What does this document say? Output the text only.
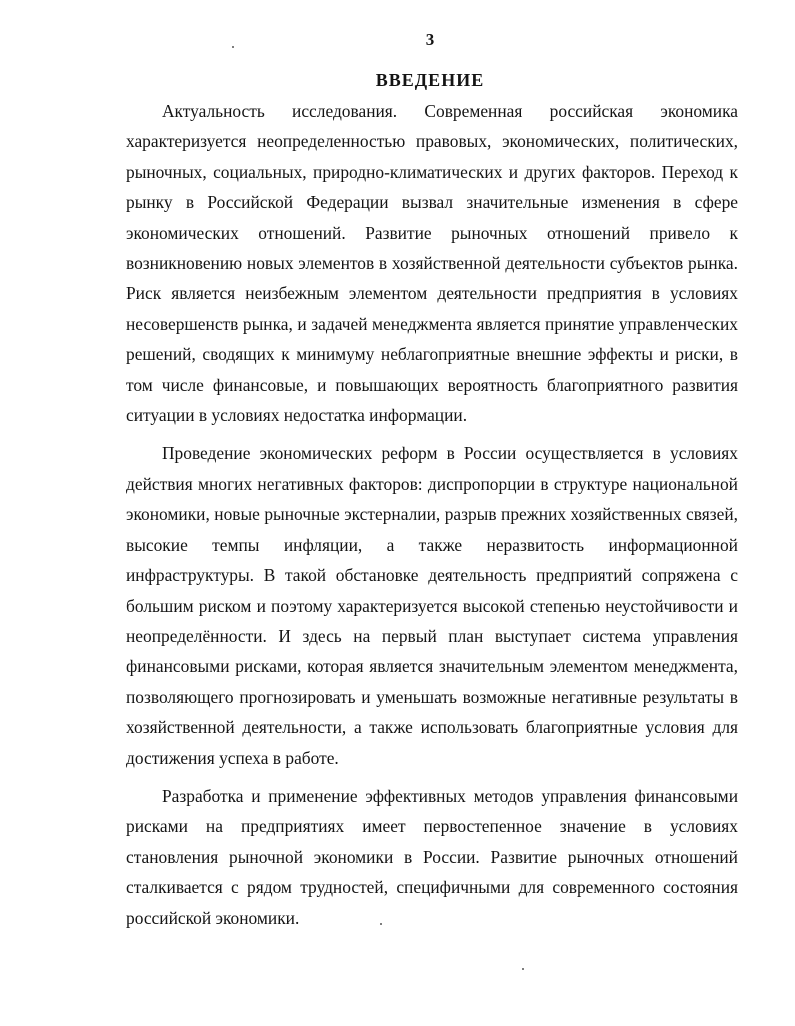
3
ВВЕДЕНИЕ

Актуальность исследования. Современная российская экономика характеризуется неопределенностью правовых, экономических, политических, рыночных, социальных, природно-климатических и других факторов. Переход к рынку в Российской Федерации вызвал значительные изменения в сфере экономических отношений. Развитие рыночных отношений привело к возникновению новых элементов в хозяйственной деятельности субъектов рынка. Риск является неизбежным элементом деятельности предприятия в условиях несовершенств рынка, и задачей менеджмента является принятие управленческих решений, сводящих к минимуму неблагоприятные внешние эффекты и риски, в том числе финансовые, и повышающих вероятность благоприятного развития ситуации в условиях недостатка информации.

Проведение экономических реформ в России осуществляется в условиях действия многих негативных факторов: диспропорции в структуре национальной экономики, новые рыночные экстерналии, разрыв прежних хозяйственных связей, высокие темпы инфляции, а также неразвитость информационной инфраструктуры. В такой обстановке деятельность предприятий сопряжена с большим риском и поэтому характеризуется высокой степенью неустойчивости и неопределённости. И здесь на первый план выступает система управления финансовыми рисками, которая является значительным элементом менеджмента, позволяющего прогнозировать и уменьшать возможные негативные результаты в хозяйственной деятельности, а также использовать благоприятные условия для достижения успеха в работе.

Разработка и применение эффективных методов управления финансовыми рисками на предприятиях имеет первостепенное значение в условиях становления рыночной экономики в России. Развитие рыночных отношений сталкивается с рядом трудностей, специфичными для современного состояния российской экономики.
